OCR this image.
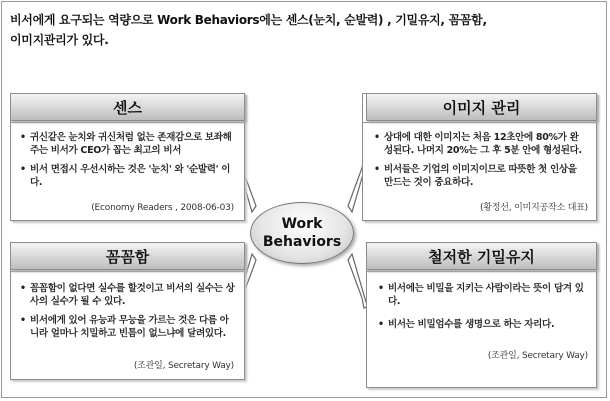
비서에게 요구되는 역량으로 Work Behaviors에는 센스(눈치, 순발력) , 기밀유지, 꼼꼼함,
이미지관리가 있다.
• 귀신같은 눈치와 귀신처럼 없는 존재감으로 보좌해주는 비서가 CEO가 꼽는 최고의 비서
• 비서 면접시 우선시하는 것은 '눈치' 와 '순발력' 이다.
(Economy Readers , 2008-06-03)
센스
• 상대에 대한 이미지는 처음 12초안에 80%가 완성된다. 나머지 20%는 그 후 5분 안에 형성된다.
• 비서들은 기업의 이미지이므로 따뜻한 첫 인상을 만드는 것이 중요하다.
(황정선, 이미지공작소 대표)
이미지 관리
• 꼼꼼함이 없다면 실수를 할것이고 비서의 실수는 상사의 실수가 될 수 있다.
• 비서에게 있어 유능과 무능을 가르는 것은 다름 아니라 얼마나 치밀하고 빈틈이 없느냐에 달려있다.
(조관일, Secretary Way)
꼼꼼함
• 비서에는 비밀을 지키는 사람이라는 뜻이 담겨 있다.
• 비서는 비밀엄수를 생명으로 하는 자리다.
(조관일, Secretary Way)
철저한 기밀유지
Work
Behaviors
